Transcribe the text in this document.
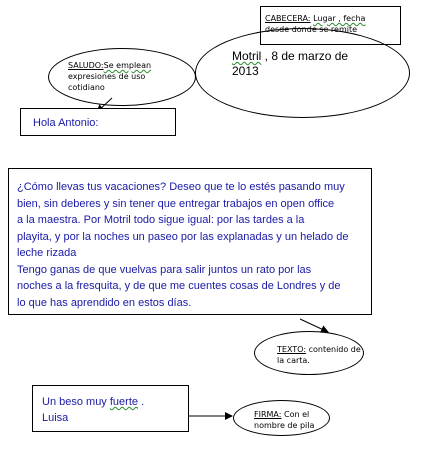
CABECERA: Lugar , fecha
desde donde se remite
Motril , 8 de marzo de
2013
SALUDO:Se emplean
expresiones de uso
cotidiano
Hola Antonio:
¿Cómo llevas tus vacaciones? Deseo que te lo estés pasando muy
bien, sin deberes y sin tener que entregar trabajos en open office
a la maestra. Por Motril todo sigue igual: por las tardes a la
playita, y por la noches un paseo por las explanadas y un helado de
leche rizada
Tengo ganas de que vuelvas para salir juntos un rato por las
noches a la fresquita, y de que me cuentes cosas de Londres y de
lo que has aprendido en estos días.
TEXTO: contenido de
la carta.
Un beso muy fuerte .
Luisa	FIRMA: Con el
nombre de pila
